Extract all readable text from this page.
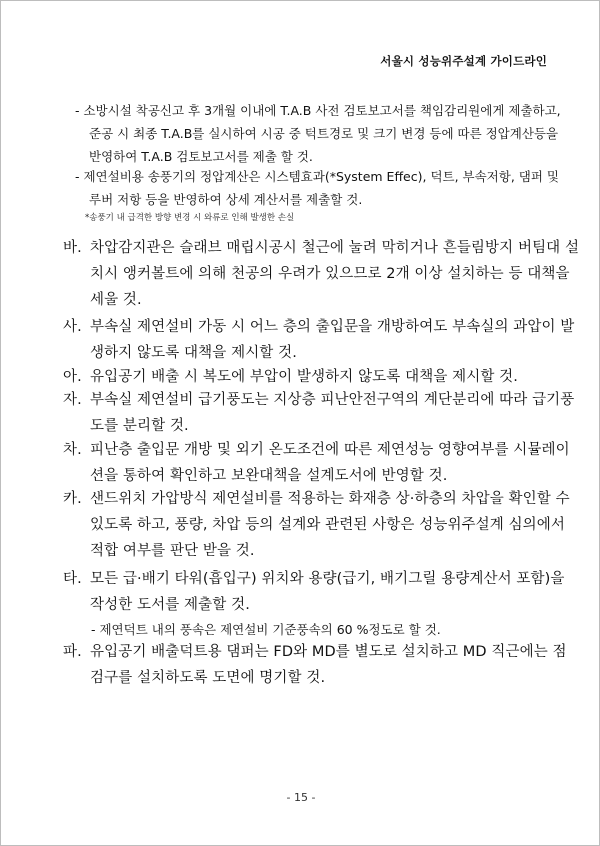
서울시 성능위주설계 가이드라인
- 소방시설 착공신고 후 3개월 이내에 T.A.B 사전 검토보고서를 책임감리원에게 제출하고, 준공 시 최종 T.A.B를 실시하여 시공 중 턱트경로 및 크기 변경 등에 따른 정압계산등을 반영하여 T.A.B 검토보고서를 제출 할 것.
- 제연설비용 송풍기의 정압계산은 시스템효과(*System Effec), 덕트, 부속저항, 댐퍼 및 루버 저항 등을 반영하여 상세 계산서를 제출할 것.
*송풍기 내 급격한 방향 변경 시 와류로 인해 발생한 손실
바. 차압감지관은 슬래브 매립시공시 철근에 눌려 막히거나 흔들림방지 버팀대 설치시 앵커볼트에 의해 천공의 우려가 있으므로 2개 이상 설치하는 등 대책을 세울 것.
사. 부속실 제연설비 가동 시 어느 층의 출입문을 개방하여도 부속실의 과압이 발생하지 않도록 대책을 제시할 것.
아. 유입공기 배출 시 복도에 부압이 발생하지 않도록 대책을 제시할 것.
자. 부속실 제연설비 급기풍도는 지상층 피난안전구역의 계단분리에 따라 급기풍도를 분리할 것.
차. 피난층 출입문 개방 및 외기 온도조건에 따른 제연성능 영향여부를 시뮬레이션을 통하여 확인하고 보완대책을 설계도서에 반영할 것.
카. 샌드위치 가압방식 제연설비를 적용하는 화재층 상·하층의 차압을 확인할 수 있도록 하고, 풍량, 차압 등의 설계와 관련된 사항은 성능위주설계 심의에서 적합 여부를 판단 받을 것.
타. 모든 급·배기 타워(흡입구) 위치와 용량(급기, 배기그릴 용량계산서 포함)을 작성한 도서를 제출할 것.
- 제연덕트 내의 풍속은 제연설비 기준풍속의 60 %정도로 할 것.
파. 유입공기 배출덕트용 댐퍼는 FD와 MD를 별도로 설치하고 MD 직근에는 점검구를 설치하도록 도면에 명기할 것.
- 15 -
